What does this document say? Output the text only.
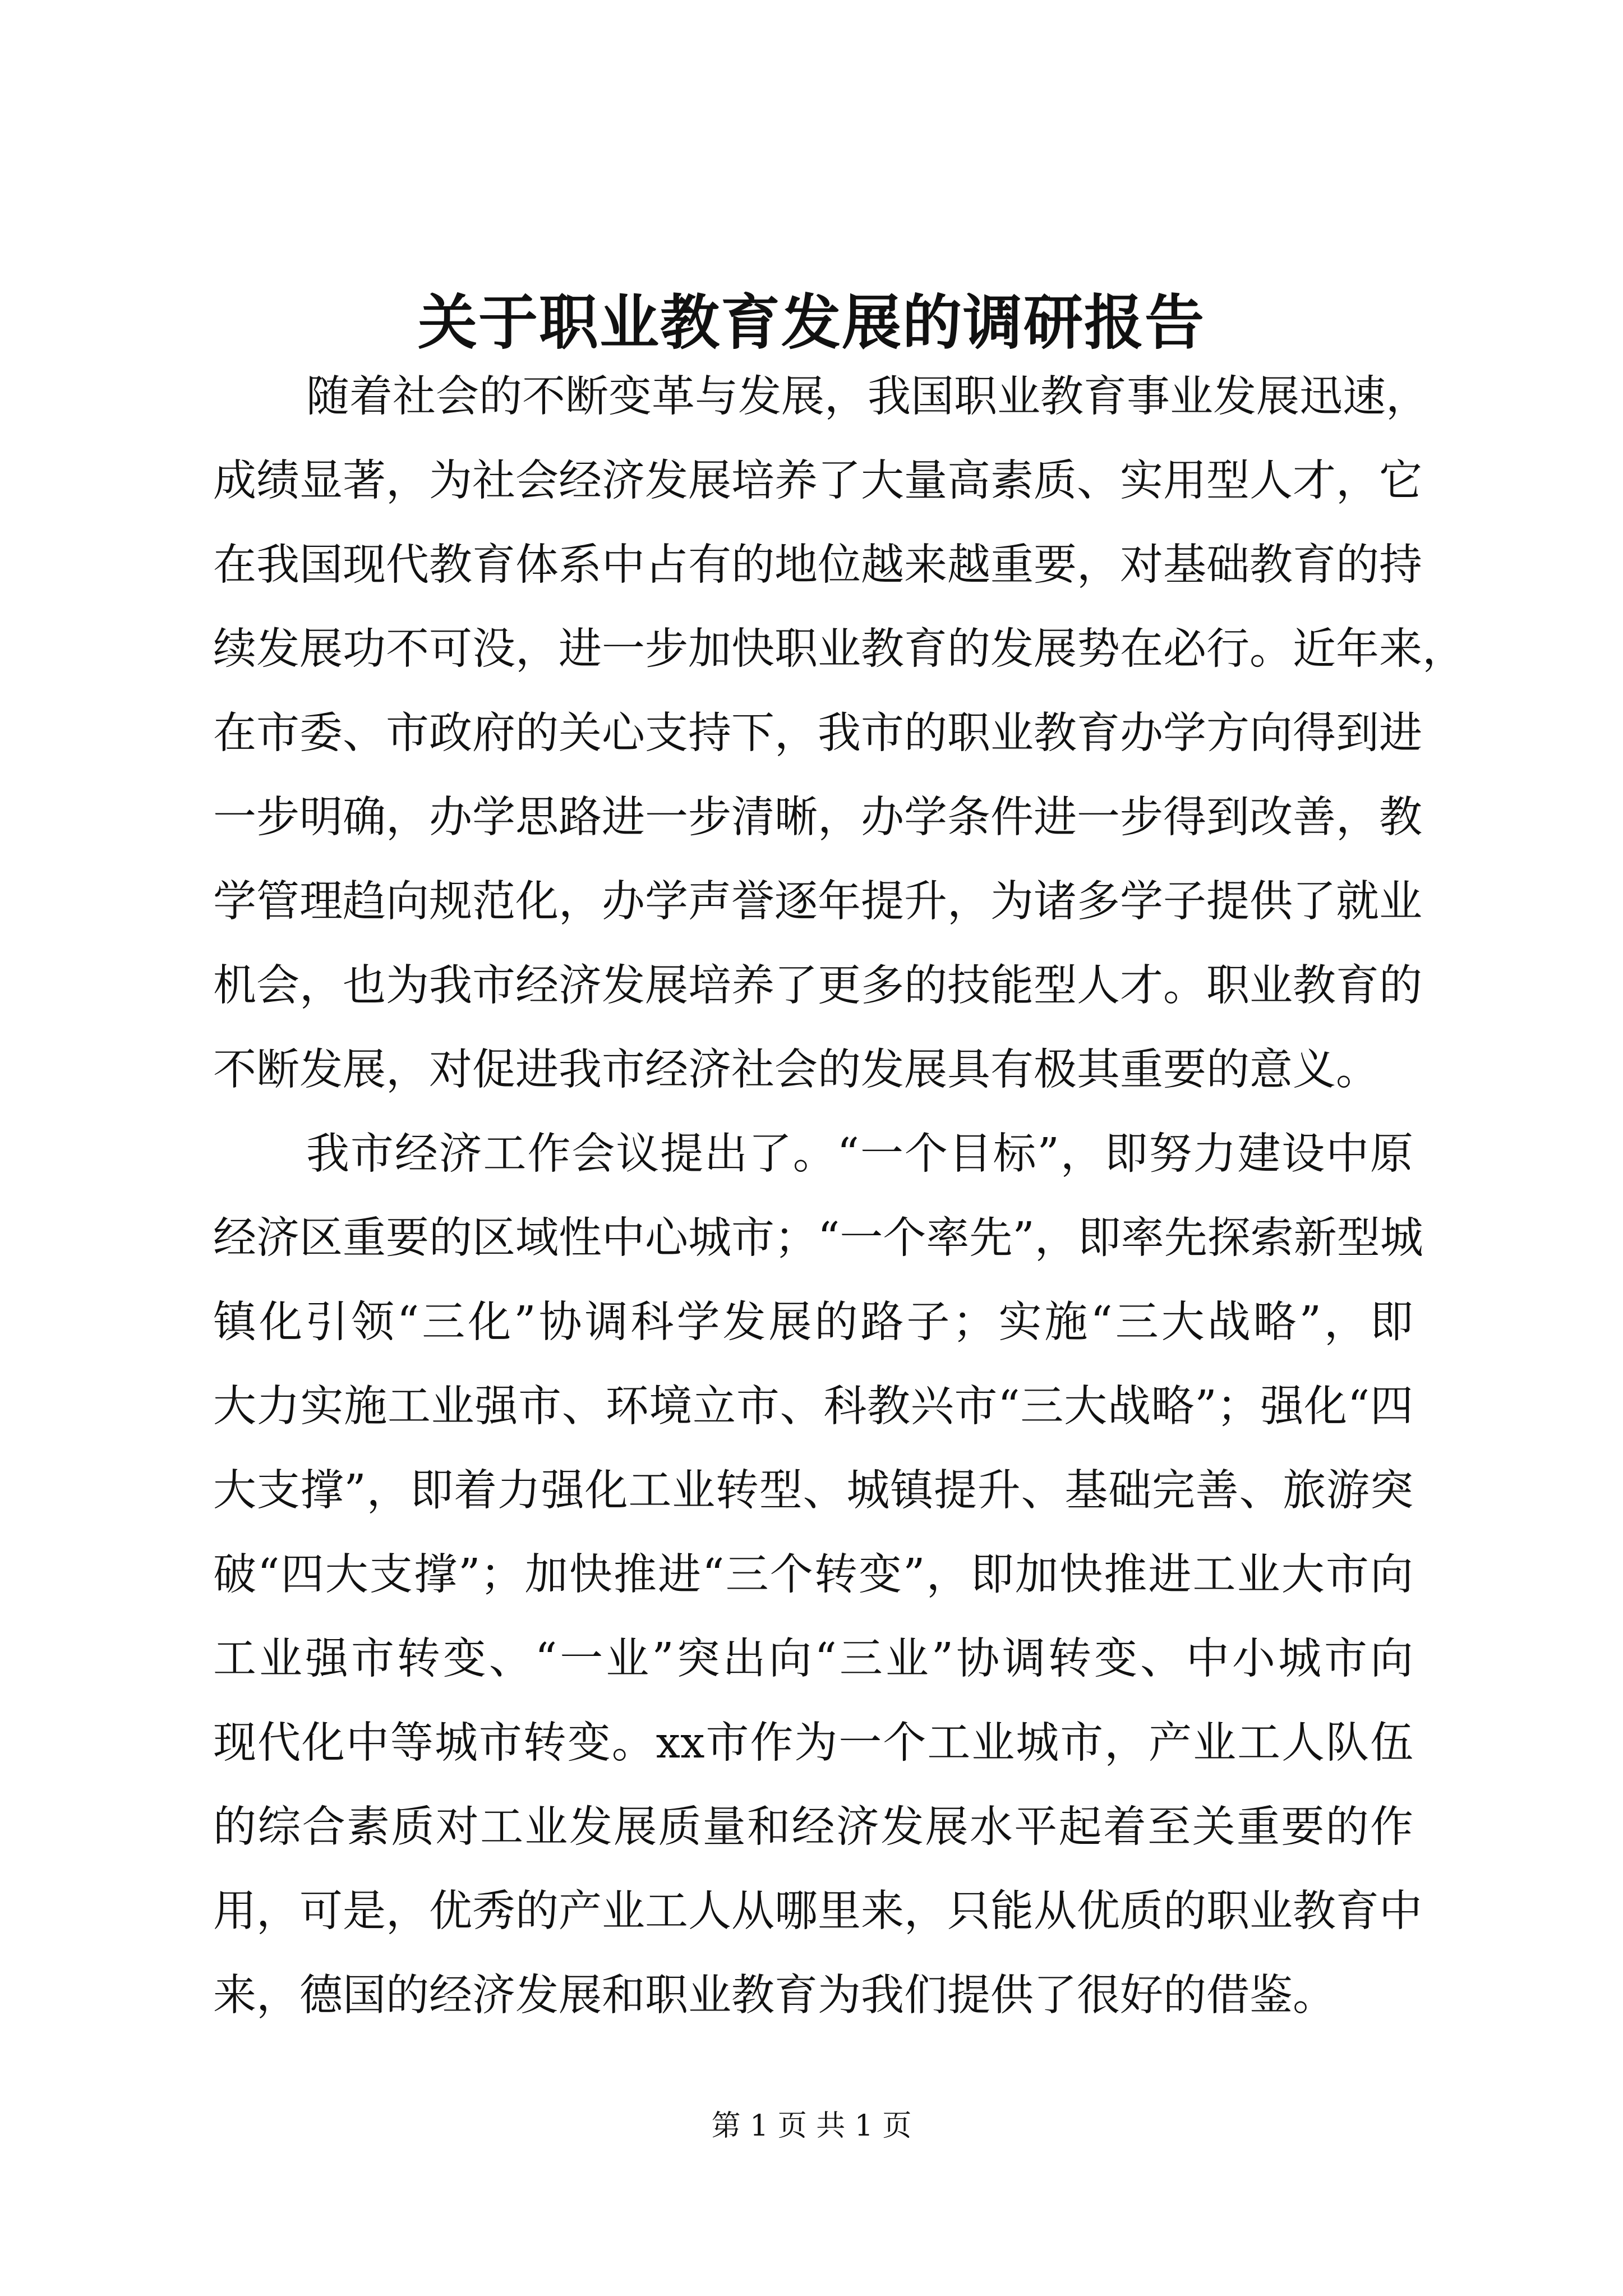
关于职业教育发展的调研报告
随着社会的不断变革与发展，我国职业教育事业发展迅速，
成绩显著，为社会经济发展培养了大量高素质、实用型人才，它
在我国现代教育体系中占有的地位越来越重要，对基础教育的持
续发展功不可没，进一步加快职业教育的发展势在必行。近年来，
在市委、市政府的关心支持下，我市的职业教育办学方向得到进
一步明确，办学思路进一步清晰，办学条件进一步得到改善，教
学管理趋向规范化，办学声誉逐年提升，为诸多学子提供了就业
机会，也为我市经济发展培养了更多的技能型人才。职业教育的
不断发展，对促进我市经济社会的发展具有极其重要的意义。
我市经济工作会议提出了。“一个目标”，即努力建设中原
经济区重要的区域性中心城市；“一个率先”，即率先探索新型城
镇化引领“三化”协调科学发展的路子；实施“三大战略”，即
大力实施工业强市、环境立市、科教兴市“三大战略”；强化“四
大支撑”，即着力强化工业转型、城镇提升、基础完善、旅游突
破“四大支撑”；加快推进“三个转变”，即加快推进工业大市向
工业强市转变、“一业”突出向“三业”协调转变、中小城市向
现代化中等城市转变。xx市作为一个工业城市，产业工人队伍
的综合素质对工业发展质量和经济发展水平起着至关重要的作
用，可是，优秀的产业工人从哪里来，只能从优质的职业教育中
来，德国的经济发展和职业教育为我们提供了很好的借鉴。
第 1 页 共 1 页
